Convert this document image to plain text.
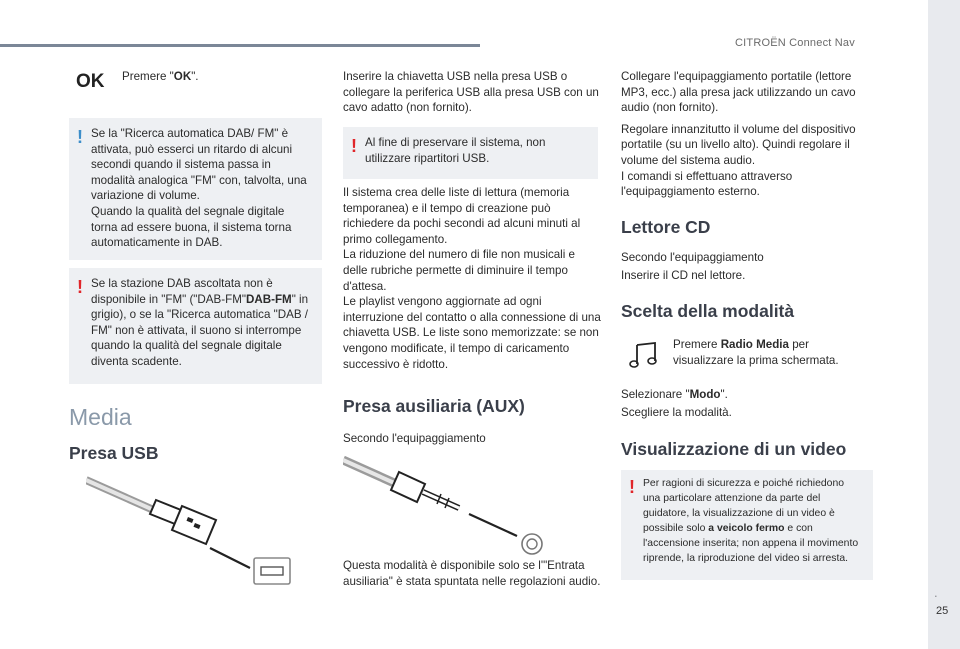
CITROËN Connect Nav
.
25
OK Premere "OK".
! Se la "Ricerca automatica DAB/ FM" è attivata, può esserci un ritardo di alcuni secondi quando il sistema passa in modalità analogica "FM" con, talvolta, una variazione di volume.
Quando la qualità del segnale digitale torna ad essere buona, il sistema torna automaticamente in DAB.
! Se la stazione DAB ascoltata non è disponibile in "FM" ("DAB-FM"DAB-FM" in grigio), o se la "Ricerca automatica "DAB / FM" non è attivata, il suono si interrompe quando la qualità del segnale digitale diventa scadente.
Media
Presa USB

Inserire la chiavetta USB nella presa USB o collegare la periferica USB alla presa USB con un cavo adatto (non fornito).

! Al fine di preservare il sistema, non utilizzare ripartitori USB.
Il sistema crea delle liste di lettura (memoria temporanea) e il tempo di creazione può richiedere da pochi secondi ad alcuni minuti al primo collegamento.
La riduzione del numero di file non musicali e delle rubriche permette di diminuire il tempo d'attesa.
Le playlist vengono aggiornate ad ogni interruzione del contatto o alla connessione di una chiavetta USB. Le liste sono memorizzate: se non vengono modificate, il tempo di caricamento successivo è ridotto.
Presa ausiliaria (AUX)
Secondo l'equipaggiamento
Questa modalità è disponibile solo se l'"Entrata ausiliaria" è stata spuntata nelle regolazioni audio.

Collegare l'equipaggiamento portatile (lettore MP3, ecc.) alla presa jack utilizzando un cavo audio (non fornito).

Regolare innanzitutto il volume del dispositivo portatile (su un livello alto). Quindi regolare il volume del sistema audio.
I comandi si effettuano attraverso l'equipaggiamento esterno.
Lettore CD
Secondo l'equipaggiamento
Inserire il CD nel lettore.
Scelta della modalità
Premere Radio Media per visualizzare la prima schermata.
Selezionare "Modo".
Scegliere la modalità.
Visualizzazione di un video
! Per ragioni di sicurezza e poiché richiedono una particolare attenzione da parte del guidatore, la visualizzazione di un video è possibile solo a veicolo fermo e con l'accensione inserita; non appena il movimento riprende, la riproduzione del video si arresta.
